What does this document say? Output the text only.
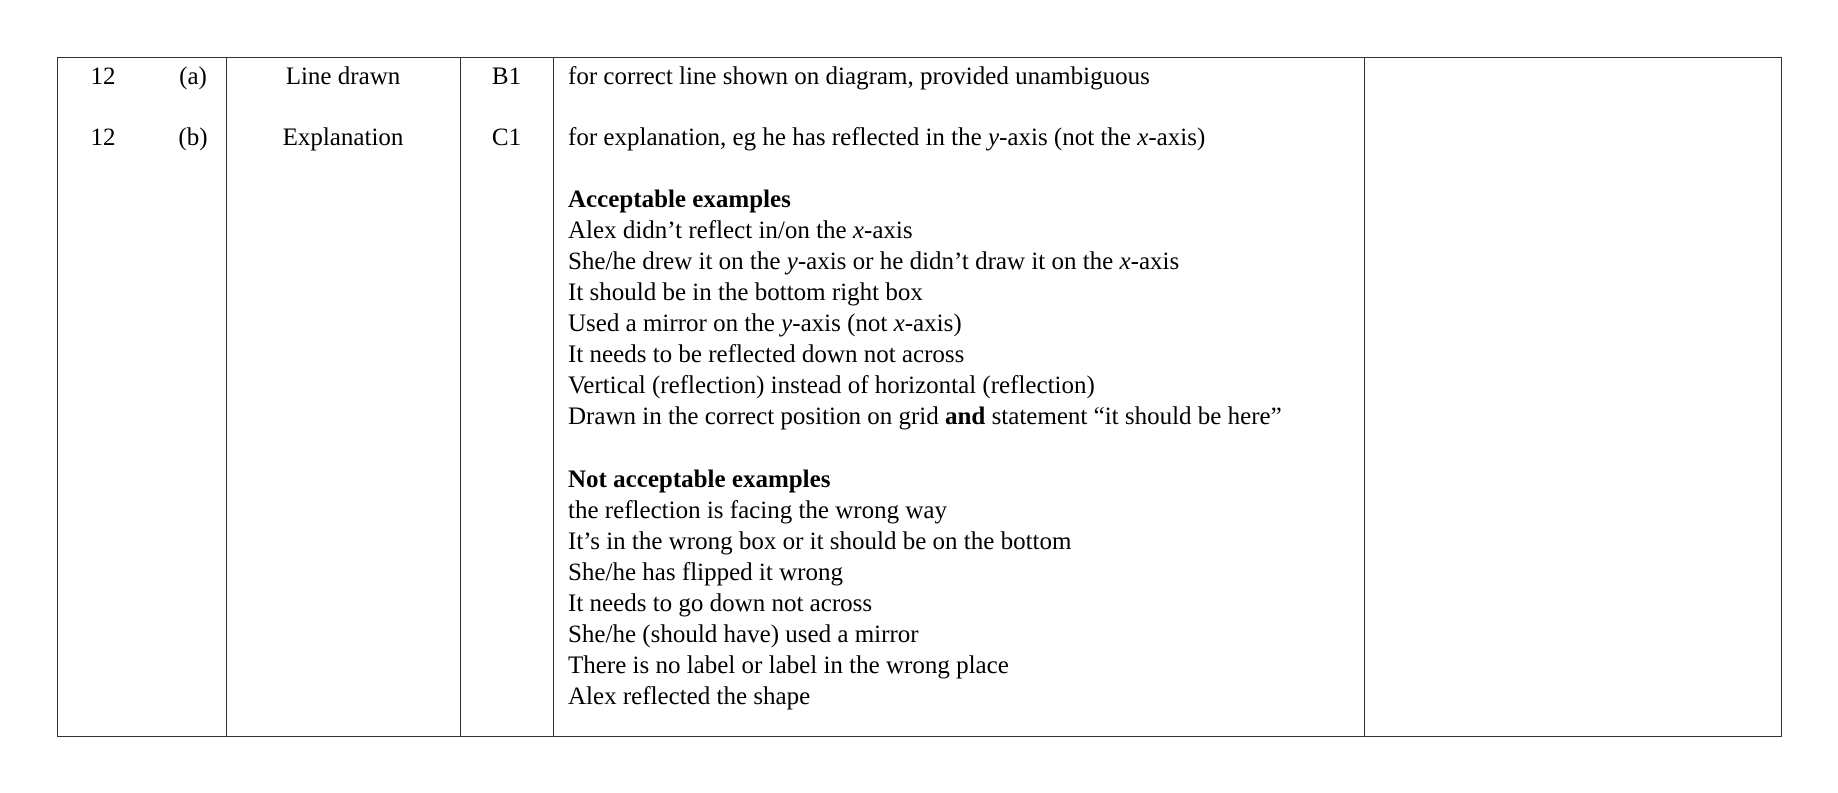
12	(a)	Line drawn	B1	for correct line shown on diagram, provided unambiguous
12	(b)	Explanation	C1	for explanation, eg he has reflected in the y-axis (not the x-axis)
Acceptable examples
Alex didn’t reflect in/on the x-axis
She/he drew it on the y-axis or he didn’t draw it on the x-axis
It should be in the bottom right box
Used a mirror on the y-axis (not x-axis)
It needs to be reflected down not across
Vertical (reflection) instead of horizontal (reflection)
Drawn in the correct position on grid and statement “it should be here”
Not acceptable examples
the reflection is facing the wrong way
It’s in the wrong box or it should be on the bottom
She/he has flipped it wrong
It needs to go down not across
She/he (should have) used a mirror
There is no label or label in the wrong place
Alex reflected the shape
